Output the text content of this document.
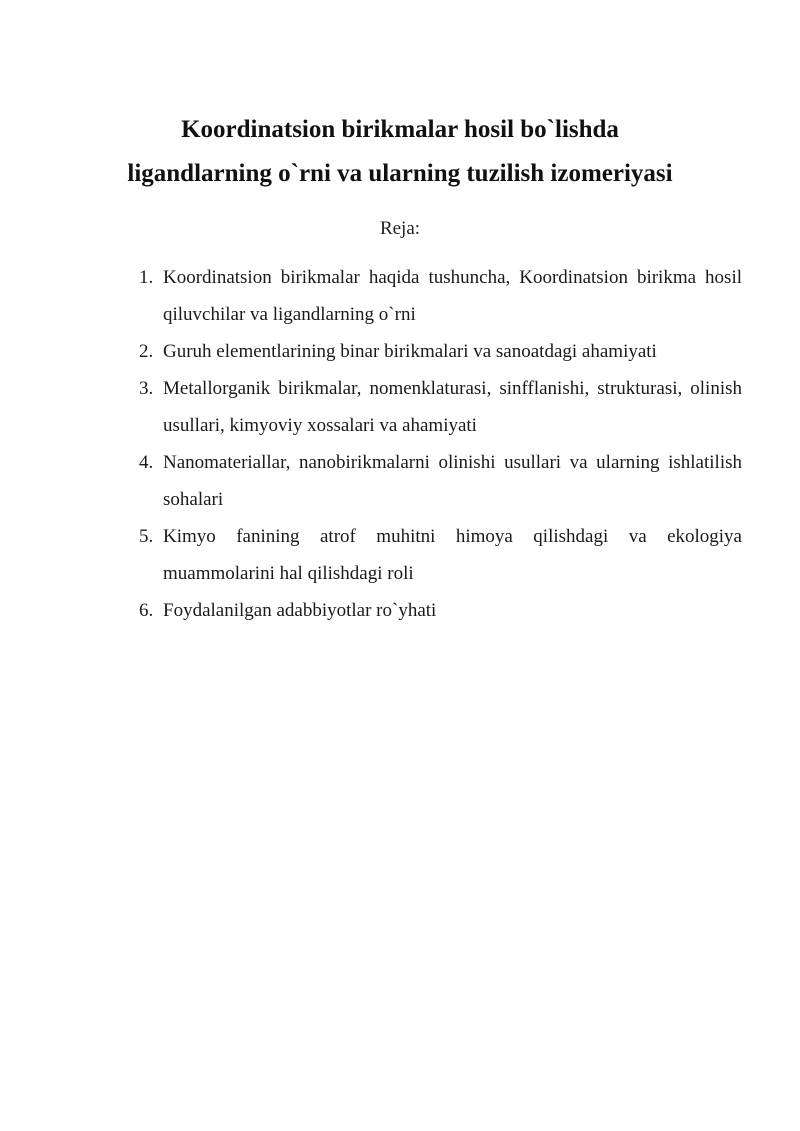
Koordinatsion birikmalar hosil bo`lishda
ligandlarning o`rni va ularning tuzilish izomeriyasi
Reja:
1. Koordinatsion birikmalar haqida tushuncha, Koordinatsion birikma hosil qiluvchilar va ligandlarning o`rni
2. Guruh elementlarining binar birikmalari va sanoatdagi ahamiyati
3. Metallorganik birikmalar, nomenklaturasi, sinfflanishi, strukturasi, olinish usullari, kimyoviy xossalari va ahamiyati
4. Nanomateriallar, nanobirikmalarni olinishi usullari va ularning ishlatilish sohalari
5. Kimyo fanining atrof muhitni himoya qilishdagi va ekologiya muammolarini hal qilishdagi roli
6. Foydalanilgan adabbiyotlar ro`yhati
